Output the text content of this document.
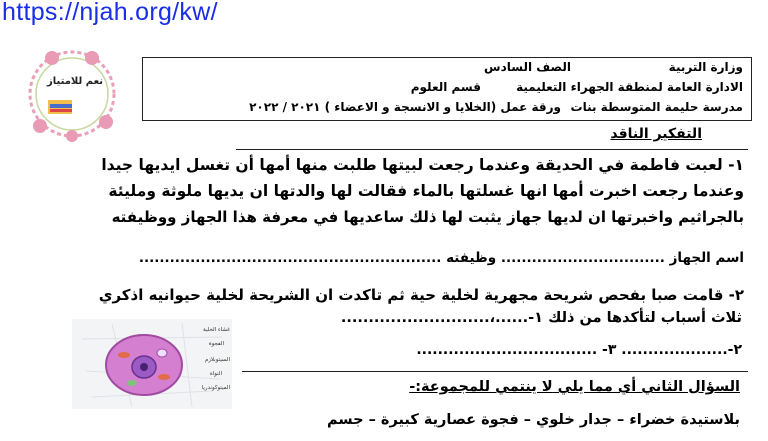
https://njah.org/kw/
نعم للامتياز
وزارة التربية
الصف السادس
الادارة العامة لمنطقة الجهراء التعليمية
قسم العلوم
مدرسة حليمة المتوسطة بنات
ورقة عمل (الخلايا و الانسجة و الاعضاء ) ٢٠٢١ / ٢٠٢٢
التفكير الناقد
١- لعبت فاطمة في الحديقة وعندما رجعت لبيتها طلبت منها أمها أن تغسل ايديها جيدا
وعندما رجعت اخبرت أمها انها غسلتها بالماء فقالت لها والدتها ان يديها ملوثة ومليئة
بالجراثيم واخبرتها ان لديها جهاز يثبت لها ذلك ساعديها في معرفة هذا الجهاز ووظيفته
اسم الجهاز ................................ وظيفته ...........................................................
٢- قامت صبا بفحص شريحة مجهرية لخلية حية ثم تاكدت ان الشريحة لخلية حيوانيه اذكري
ثلاث أسباب لتأكدها من ذلك ١-......،...........................
٢-.................... ٣- ..................................
السؤال الثاني أي مما يلي لا ينتمي للمجموعة:-
بلاستيدة خضراء – جدار خلوي – فجوة عصارية كبيرة – جسم
غشاء الخلية
الفجوة
السيتوبلازم
النواة
الميتوكوندريا
